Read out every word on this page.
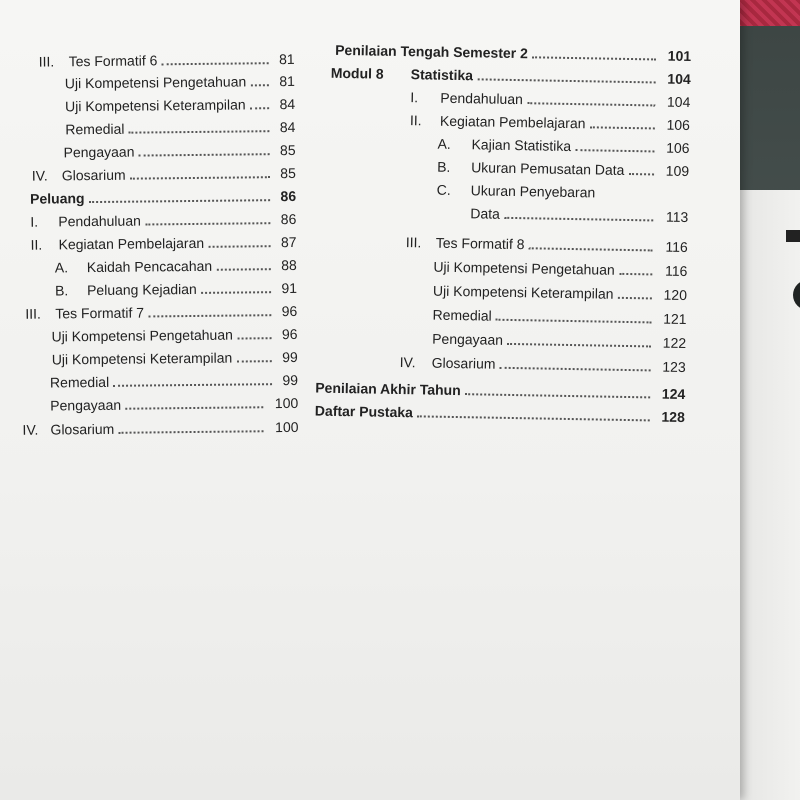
III.	Tes Formatif 6	81
Uji Kompetensi Pengetahuan	81
Uji Kompetensi Keterampilan	84
Remedial	84
Pengayaan	85
IV. Glosarium	85
Peluang	86
I.	Pendahuluan	86
II.	Kegiatan Pembelajaran	87
A.	Kaidah Pencacahan	88
B.	Peluang Kejadian	91
III.	Tes Formatif 7	96
Uji Kompetensi Pengetahuan	96
Uji Kompetensi Keterampilan	99
Remedial	99
Pengayaan	100
IV. Glosarium	100
Penilaian Tengah Semester 2	101
Modul 8	Statistika	104
I.	Pendahuluan	104
II.	Kegiatan Pembelajaran	106
A.	Kajian Statistika	106
B.	Ukuran Pemusatan Data	109
C.	Ukuran Penyebaran
Data	113
III.	Tes Formatif 8	116
Uji Kompetensi Pengetahuan	116
Uji Kompetensi Keterampilan	120
Remedial	121
Pengayaan	122
IV.	Glosarium	123
Penilaian Akhir Tahun	124
Daftar Pustaka	128
